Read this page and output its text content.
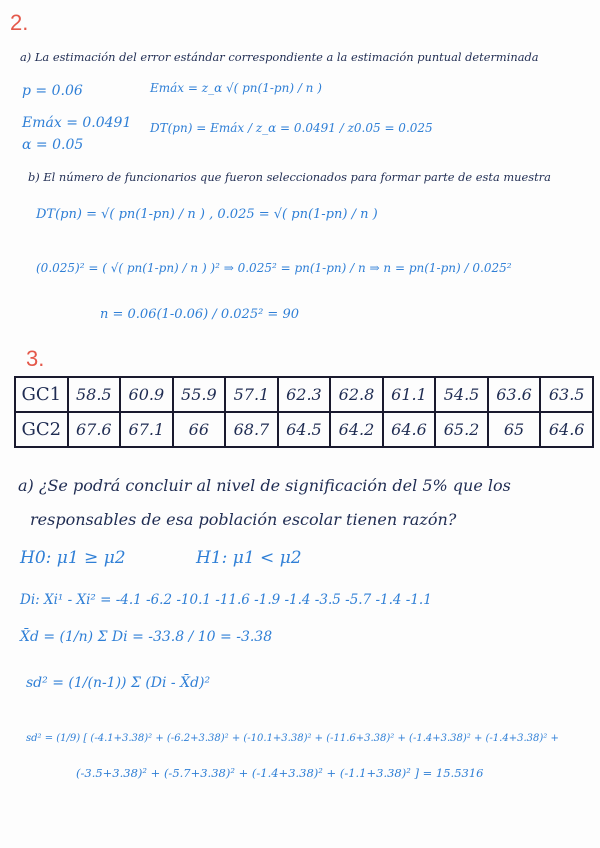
2.
a) La estimación del error estándar correspondiente a la estimación puntual determinada
p = 0.06	Emáx = z_α √( pn(1-pn) / n )
Emáx = 0.0491
α = 0.05
DT(pn) = Emáx / z_α = 0.0491 / z0.05 = 0.025
b) El número de funcionarios que fueron seleccionados para formar parte de esta muestra
DT(pn) = √( pn(1-pn) / n ) , 0.025 = √( pn(1-pn) / n )
(0.025)² = ( √( pn(1-pn) / n ) )² ⇒ 0.025² = pn(1-pn) / n ⇒ n = pn(1-pn) / 0.025²
n = 0.06(1-0.06) / 0.025² = 90
3.
GC1	58.5	60.9	55.9	57.1	62.3	62.8	61.1	54.5	63.6	63.5
GC2	67.6	67.1	66	68.7	64.5	64.2	64.6	65.2	65	64.6
a) ¿Se podrá concluir al nivel de significación del 5% que los
responsables de esa población escolar tienen razón?
H0: μ1 ≥ μ2	H1: μ1 < μ2
Di: Xi¹ - Xi² = -4.1 -6.2 -10.1 -11.6 -1.9 -1.4 -3.5 -5.7 -1.4 -1.1
X̄d = (1/n) Σ Di = -33.8 / 10 = -3.38
sd² = (1/(n-1)) Σ (Di - X̄d)²
sd² = (1/9) [ (-4.1+3.38)² + (-6.2+3.38)² + (-10.1+3.38)² + (-11.6+3.38)² + (-1.4+3.38)² + (-1.4+3.38)² +
(-3.5+3.38)² + (-5.7+3.38)² + (-1.4+3.38)² + (-1.1+3.38)² ] = 15.5316
